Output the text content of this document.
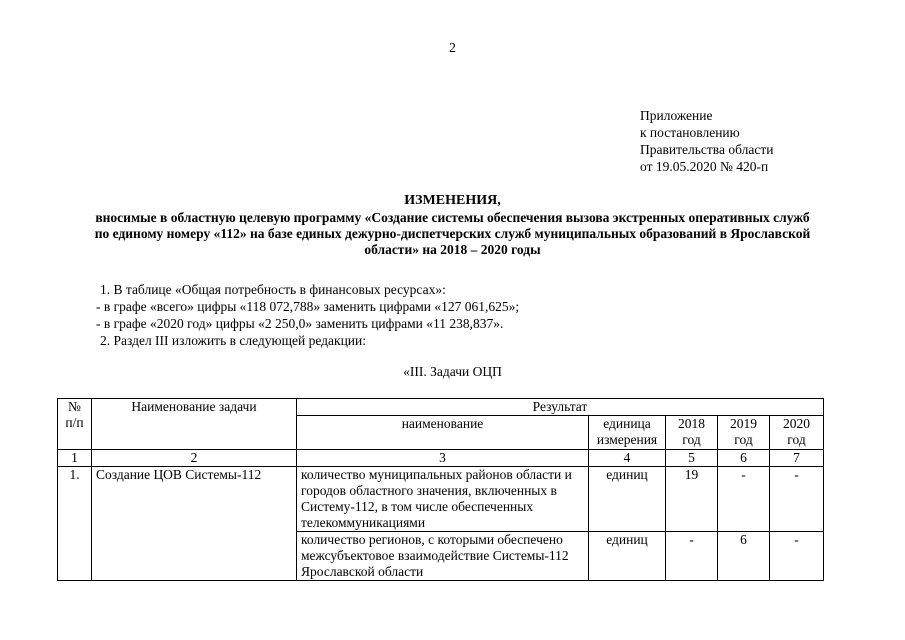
2
Приложение
к постановлению
Правительства области
от 19.05.2020 № 420-п
ИЗМЕНЕНИЯ,
вносимые в областную целевую программу «Создание системы обеспечения вызова экстренных оперативных служб
по единому номеру «112» на базе единых дежурно-диспетчерских служб муниципальных образований в Ярославской
области» на 2018 – 2020 годы
1. В таблице «Общая потребность в финансовых ресурсах»:
- в графе «всего» цифры «118 072,788» заменить цифрами «127 061,625»;
- в графе «2020 год» цифры «2 250,0» заменить цифрами «11 238,837».
2. Раздел III изложить в следующей редакции:
«III. Задачи ОЦП
№ п/п	Наименование задачи	Результат				
		наименование	единица измерения	2018 год	2019 год	2020 год
1	2	3	4	5	6	7
1.	Создание ЦОВ Системы-112	количество муниципальных районов области и городов областного значения, включенных в Систему-112, в том числе обеспеченных телекоммуникациями	единиц	19	-	-
		количество регионов, с которыми обеспечено межсубъектовое взаимодействие Системы-112 Ярославской области	единиц	-	6	-
